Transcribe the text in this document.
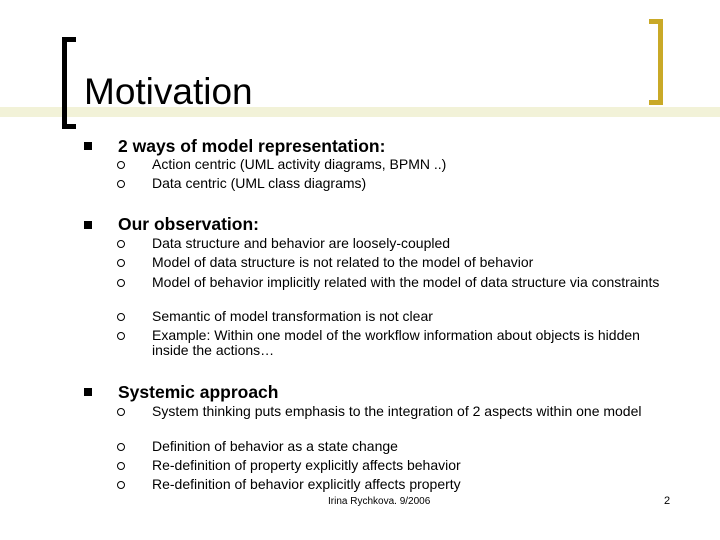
Motivation
2 ways of model representation:
Action centric (UML activity diagrams, BPMN ..)
Data centric (UML class diagrams)
Our observation:
Data structure and behavior are loosely-coupled
Model of data structure is not related to the model of behavior
Model of behavior implicitly related with the model of data structure via constraints
Semantic of model transformation is not clear
Example: Within one model of the workflow information about objects is hidden inside the actions…
Systemic approach
System thinking puts emphasis to the integration of 2 aspects within one model
Definition of behavior as a state change
Re-definition of property explicitly affects behavior
Re-definition of behavior explicitly affects property
Irina Rychkova. 9/2006	2
